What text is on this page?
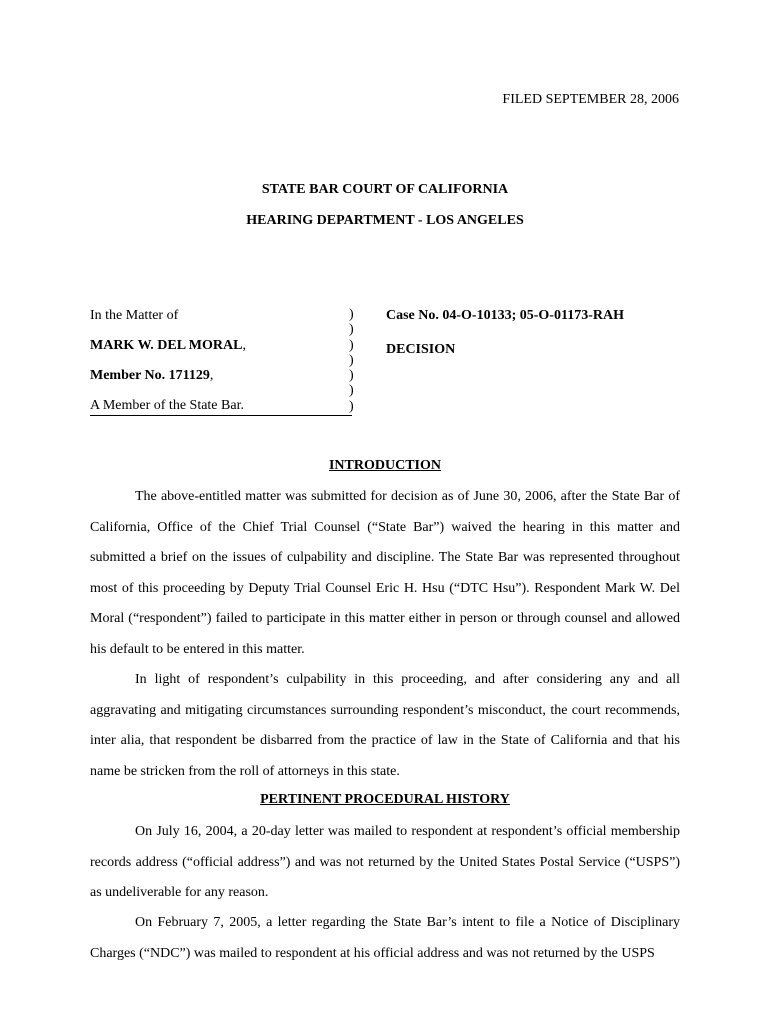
FILED SEPTEMBER 28, 2006
STATE BAR COURT OF CALIFORNIA
HEARING DEPARTMENT - LOS ANGELES
In the Matter of
MARK W. DEL MORAL,
Member No. 171129,
A Member of the State Bar.
)
)
)
)
)
)
)
Case No. 04-O-10133; 05-O-01173-RAH
DECISION
INTRODUCTION
The above-entitled matter was submitted for decision as of June 30, 2006, after the State Bar of California, Office of the Chief Trial Counsel (“State Bar”) waived the hearing in this matter and submitted a brief on the issues of culpability and discipline. The State Bar was represented throughout most of this proceeding by Deputy Trial Counsel Eric H. Hsu (“DTC Hsu”). Respondent Mark W. Del Moral (“respondent”) failed to participate in this matter either in person or through counsel and allowed his default to be entered in this matter.
In light of respondent’s culpability in this proceeding, and after considering any and all aggravating and mitigating circumstances surrounding respondent’s misconduct, the court recommends, inter alia, that respondent be disbarred from the practice of law in the State of California and that his name be stricken from the roll of attorneys in this state.
PERTINENT PROCEDURAL HISTORY
On July 16, 2004, a 20-day letter was mailed to respondent at respondent’s official membership records address (“official address”) and was not returned by the United States Postal Service (“USPS”) as undeliverable for any reason.
On February 7, 2005, a letter regarding the State Bar’s intent to file a Notice of Disciplinary Charges (“NDC”) was mailed to respondent at his official address and was not returned by the USPS
